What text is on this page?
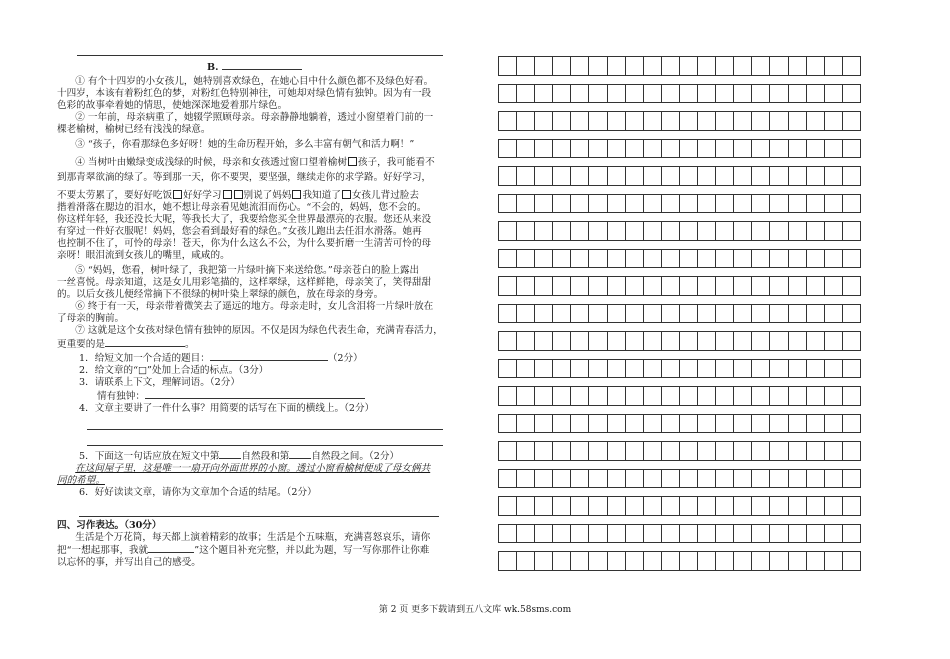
B.

① 有个十四岁的小女孩儿，她特别喜欢绿色，在她心目中什么颜色都不及绿色好看。

十四岁，本该有着粉红色的梦，对粉红色特别神往，可她却对绿色情有独钟。因为有一段

色彩的故事牵着她的情思，使她深深地爱着那片绿色。

② 一年前，母亲病重了，她辍学照顾母亲。母亲静静地躺着，透过小窗望着门前的一

棵老榆树，榆树已经有浅浅的绿意。

③ “孩子，你看那绿色多好呀！她的生命历程开始，多么丰富有朝气和活力啊！”

④ 当树叶由嫩绿变成浅绿的时候，母亲和女孩透过窗口望着榆树 孩子，我可能看不

到那青翠欲滴的绿了。等到那一天，你不要哭，要坚强，继续走你的求学路。好好学习，

不要太劳累了，要好好吃饭 好好学习 别说了妈妈 我知道了 女孩儿背过脸去

揩着滑落在腮边的泪水，她不想让母亲看见她流泪而伤心。“不会的，妈妈，您不会的。

你这样年轻，我还没长大呢，等我长大了，我要给您买全世界最漂亮的衣服。您还从来没

有穿过一件好衣服呢！妈妈，您会看到最好看的绿色。”女孩儿跑出去任泪水滑落。她再

也控制不住了，可怜的母亲！苍天，你为什么这么不公，为什么要折磨一生清苦可怜的母

亲呀！眼泪流到女孩儿的嘴里，咸咸的。

⑤ “妈妈，您看，树叶绿了，我把第一片绿叶摘下来送给您。”母亲苍白的脸上露出

一丝喜悦。母亲知道，这是女儿用彩笔描的，这样翠绿，这样鲜艳，母亲笑了，笑得甜甜

的。以后女孩儿便经常摘下不很绿的树叶染上翠绿的颜色，放在母亲的身旁。

⑥ 终于有一天，母亲带着微笑去了遥远的地方。母亲走时，女儿含泪将一片绿叶放在

了母亲的胸前。

⑦ 这就是这个女孩对绿色情有独钟的原因。不仅是因为绿色代表生命，充满青春活力，

更重要的是	。

1．给短文加一个合适的题目：	（2分）

2．给文章的“□”处加上合适的标点。（3分）

3．请联系上下文，理解词语。（2分）

情有独钟：

4．文章主要讲了一件什么事？用简要的话写在下面的横线上。（2分）

5．下面这一句话应放在短文中第 自然段和第 自然段之间。（2分）

在这间屋子里，这是唯一一扇开向外面世界的小窗。透过小窗看榆树便成了母女俩共

同的希望。

6．好好读读文章，请你为文章加个合适的结尾。（2分）

四、习作表达。（30分）

生活是个万花筒，每天都上演着精彩的故事；生活是个五味瓶，充满喜怒哀乐，请你

把“一想起那事，我就	”这个题目补充完整，并以此为题，写一写你那件让你难

以忘怀的事，并写出自己的感受。

第 2 页 更多下载请到五八文库 wk.58sms.com
